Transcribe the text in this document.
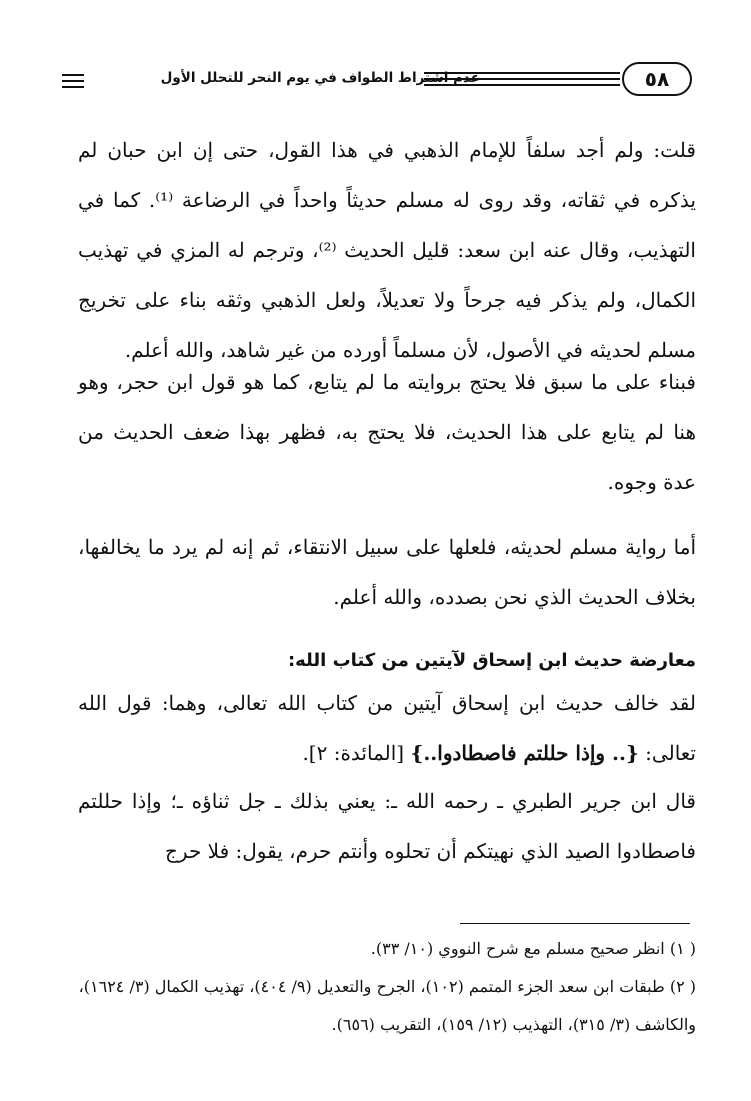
عدم اشتراط الطواف في يوم النحر للتحلل الأول	٥٨
قلت: ولم أجد سلفاً للإمام الذهبي في هذا القول، حتى إن ابن حبان لم يذكره في ثقاته، وقد روى له مسلم حديثاً واحداً في الرضاعة ⁽¹⁾. كما في التهذيب، وقال عنه ابن سعد: قليل الحديث ⁽²⁾، وترجم له المزي في تهذيب الكمال، ولم يذكر فيه جرحاً ولا تعديلاً، ولعل الذهبي وثقه بناء على تخريج مسلم لحديثه في الأصول، لأن مسلماً أورده من غير شاهد، والله أعلم.
فبناء على ما سبق فلا يحتج بروايته ما لم يتابع، كما هو قول ابن حجر، وهو هنا لم يتابع على هذا الحديث، فلا يحتج به، فظهر بهذا ضعف الحديث من عدة وجوه.
أما رواية مسلم لحديثه، فلعلها على سبيل الانتقاء، ثم إنه لم يرد ما يخالفها، بخلاف الحديث الذي نحن بصدده، والله أعلم.
معارضة حديث ابن إسحاق لآيتين من كتاب الله:
لقد خالف حديث ابن إسحاق آيتين من كتاب الله تعالى، وهما: قول الله تعالى: {.. وإذا حللتم فاصطادوا..} [المائدة: ٢].
قال ابن جرير الطبري ـ رحمه الله ـ: يعني بذلك ـ جل ثناؤه ـ؛ وإذا حللتم فاصطادوا الصيد الذي نهيتكم أن تحلوه وأنتم حرم، يقول: فلا حرج

( ١) انظر صحيح مسلم مع شرح النووي (١٠/ ٣٣).

( ٢) طبقات ابن سعد الجزء المتمم (١٠٢)، الجرح والتعديل (٩/ ٤٠٤)، تهذيب الكمال (٣/ ١٦٢٤)، والكاشف (٣/ ٣١٥)، التهذيب (١٢/ ١٥٩)، التقريب (٦٥٦).
